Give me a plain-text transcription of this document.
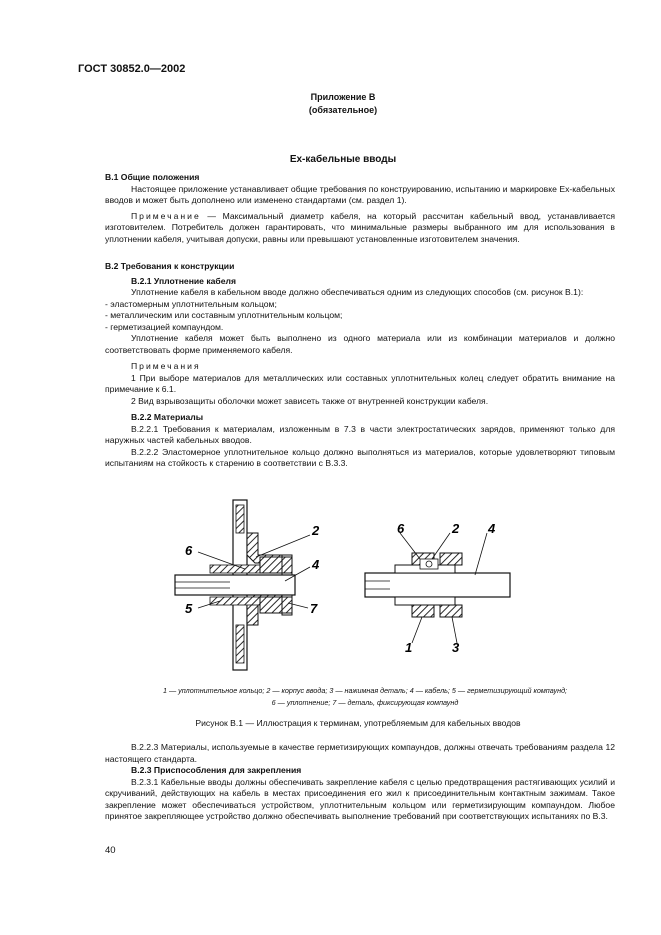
ГОСТ 30852.0—2002
Приложение В
(обязательное)
Ех-кабельные вводы

В.1 Общие положения

Настоящее приложение устанавливает общие требования по конструированию, испытанию и маркировке Ех-кабельных вводов и может быть дополнено или изменено стандартами (см. раздел 1).

Примечание — Максимальный диаметр кабеля, на который рассчитан кабельный ввод, устанавливается изготовителем. Потребитель должен гарантировать, что минимальные размеры выбранного им для использования в уплотнении кабеля, учитывая допуски, равны или превышают установленные изготовителем значения.

В.2 Требования к конструкции

В.2.1 Уплотнение кабеля

Уплотнение кабеля в кабельном вводе должно обеспечиваться одним из следующих способов (см. рисунок В.1):

- эластомерным уплотнительным кольцом;

- металлическим или составным уплотнительным кольцом;

- герметизацией компаундом.

Уплотнение кабеля может быть выполнено из одного материала или из комбинации материалов и должно соответствовать форме применяемого кабеля.

Примечания

1 При выборе материалов для металлических или составных уплотнительных колец следует обратить внимание на примечание к 6.1.

2 Вид взрывозащиты оболочки может зависеть также от внутренней конструкции кабеля.

В.2.2 Материалы

В.2.2.1 Требования к материалам, изложенным в 7.3 в части электростатических зарядов, применяют только для наружных частей кабельных вводов.

В.2.2.2 Эластомерное уплотнительное кольцо должно выполняться из материалов, которые удовлетворяют типовым испытаниям на стойкость к старению в соответствии с В.3.3.

2
4
7
6
5
6	2 4
1	3
1 — уплотнительное кольцо; 2 — корпус ввода; 3 — нажимная деталь; 4 — кабель; 5 — герметизирующий компаунд;
6 — уплотнение; 7 — деталь, фиксирующая компаунд
Рисунок В.1 — Иллюстрация к терминам, употребляемым для кабельных вводов

В.2.2.3 Материалы, используемые в качестве герметизирующих компаундов, должны отвечать требованиям раздела 12 настоящего стандарта.

В.2.3 Приспособления для закрепления

В.2.3.1 Кабельные вводы должны обеспечивать закрепление кабеля с целью предотвращения растягивающих усилий и скручиваний, действующих на кабель в местах присоединения его жил к присоединительным контактным зажимам. Такое закрепление может обеспечиваться устройством, уплотнительным кольцом или герметизирующим компаундом. Любое принятое закрепляющее устройство должно обеспечивать выполнение требований при соответствующих испытаниях по В.3.

40
